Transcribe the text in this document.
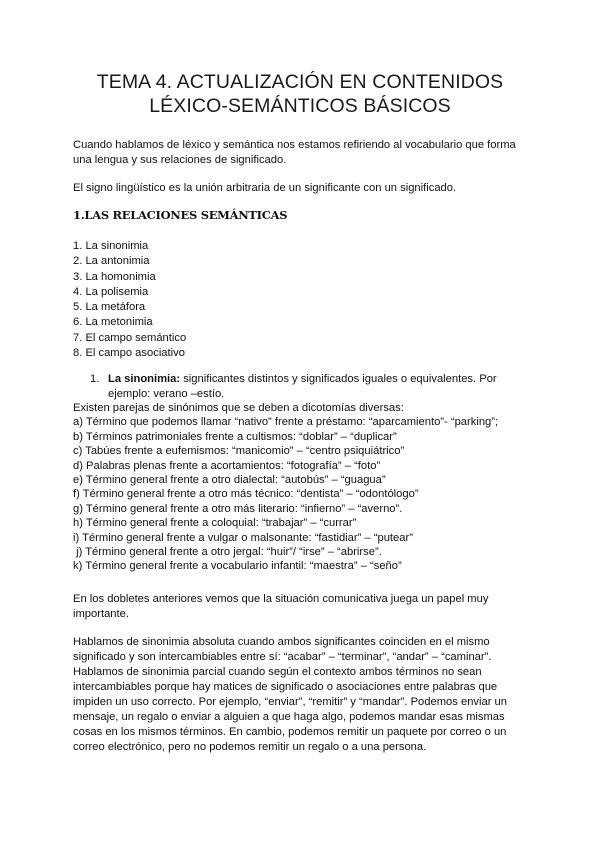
TEMA 4. ACTUALIZACIÓN EN CONTENIDOS
LÉXICO-SEMÁNTICOS BÁSICOS
Cuando hablamos de léxico y semántica nos estamos refiriendo al vocabulario que forma
una lengua y sus relaciones de significado.
El signo lingüístico es la unión arbitraria de un significante con un significado.
1.LAS RELACIONES SEMÁNTICAS
1. La sinonimia
2. La antonimia
3. La homonimia
4. La polisemia
5. La metáfora
6. La metonimia
7. El campo semántico
8. El campo asociativo
1. La sinonimia: significantes distintos y significados iguales o equivalentes. Por
ejemplo: verano –estío.
Existen parejas de sinónimos que se deben a dicotomías diversas:
a) Término que podemos llamar “nativo” frente a préstamo: “aparcamiento”- “parking”;
b) Términos patrimoniales frente a cultismos: “doblar” – “duplicar”
c) Tabúes frente a eufemismos: “manicomio” – “centro psiquiátrico”
d) Palabras plenas frente a acortamientos: “fotografía” – “foto”
e) Término general frente a otro dialectal: “autobús” – “guagua”
f) Término general frente a otro más técnico: “dentista” – “odontólogo”
g) Término general frente a otro más literario: “infierno” – “averno”.
h) Término general frente a coloquial: “trabajar” – “currar”
i) Término general frente a vulgar o malsonante: “fastidiar” – “putear”
j) Término general frente a otro jergal: “huir”/ “irse” – “abrirse”.
k) Término general frente a vocabulario infantil: “maestra” – “seño”
En los dobletes anteriores vemos que la situación comunicativa juega un papel muy
importante.
Hablamos de sinonimia absoluta cuando ambos significantes coinciden en el mismo
significado y son intercambiables entre sí: “acabar” – “terminar”, “andar” – “caminar”.
Hablamos de sinonimia parcial cuando según el contexto ambos términos no sean
intercambiables porque hay matices de significado o asociaciones entre palabras que
impiden un uso correcto. Por ejemplo, “enviar”, “remitir” y “mandar”. Podemos enviar un
mensaje, un regalo o enviar a alguien a que haga algo, podemos mandar esas mismas
cosas en los mismos términos. En cambio, podemos remitir un paquete por correo o un
correo electrónico, pero no podemos remitir un regalo o a una persona.
